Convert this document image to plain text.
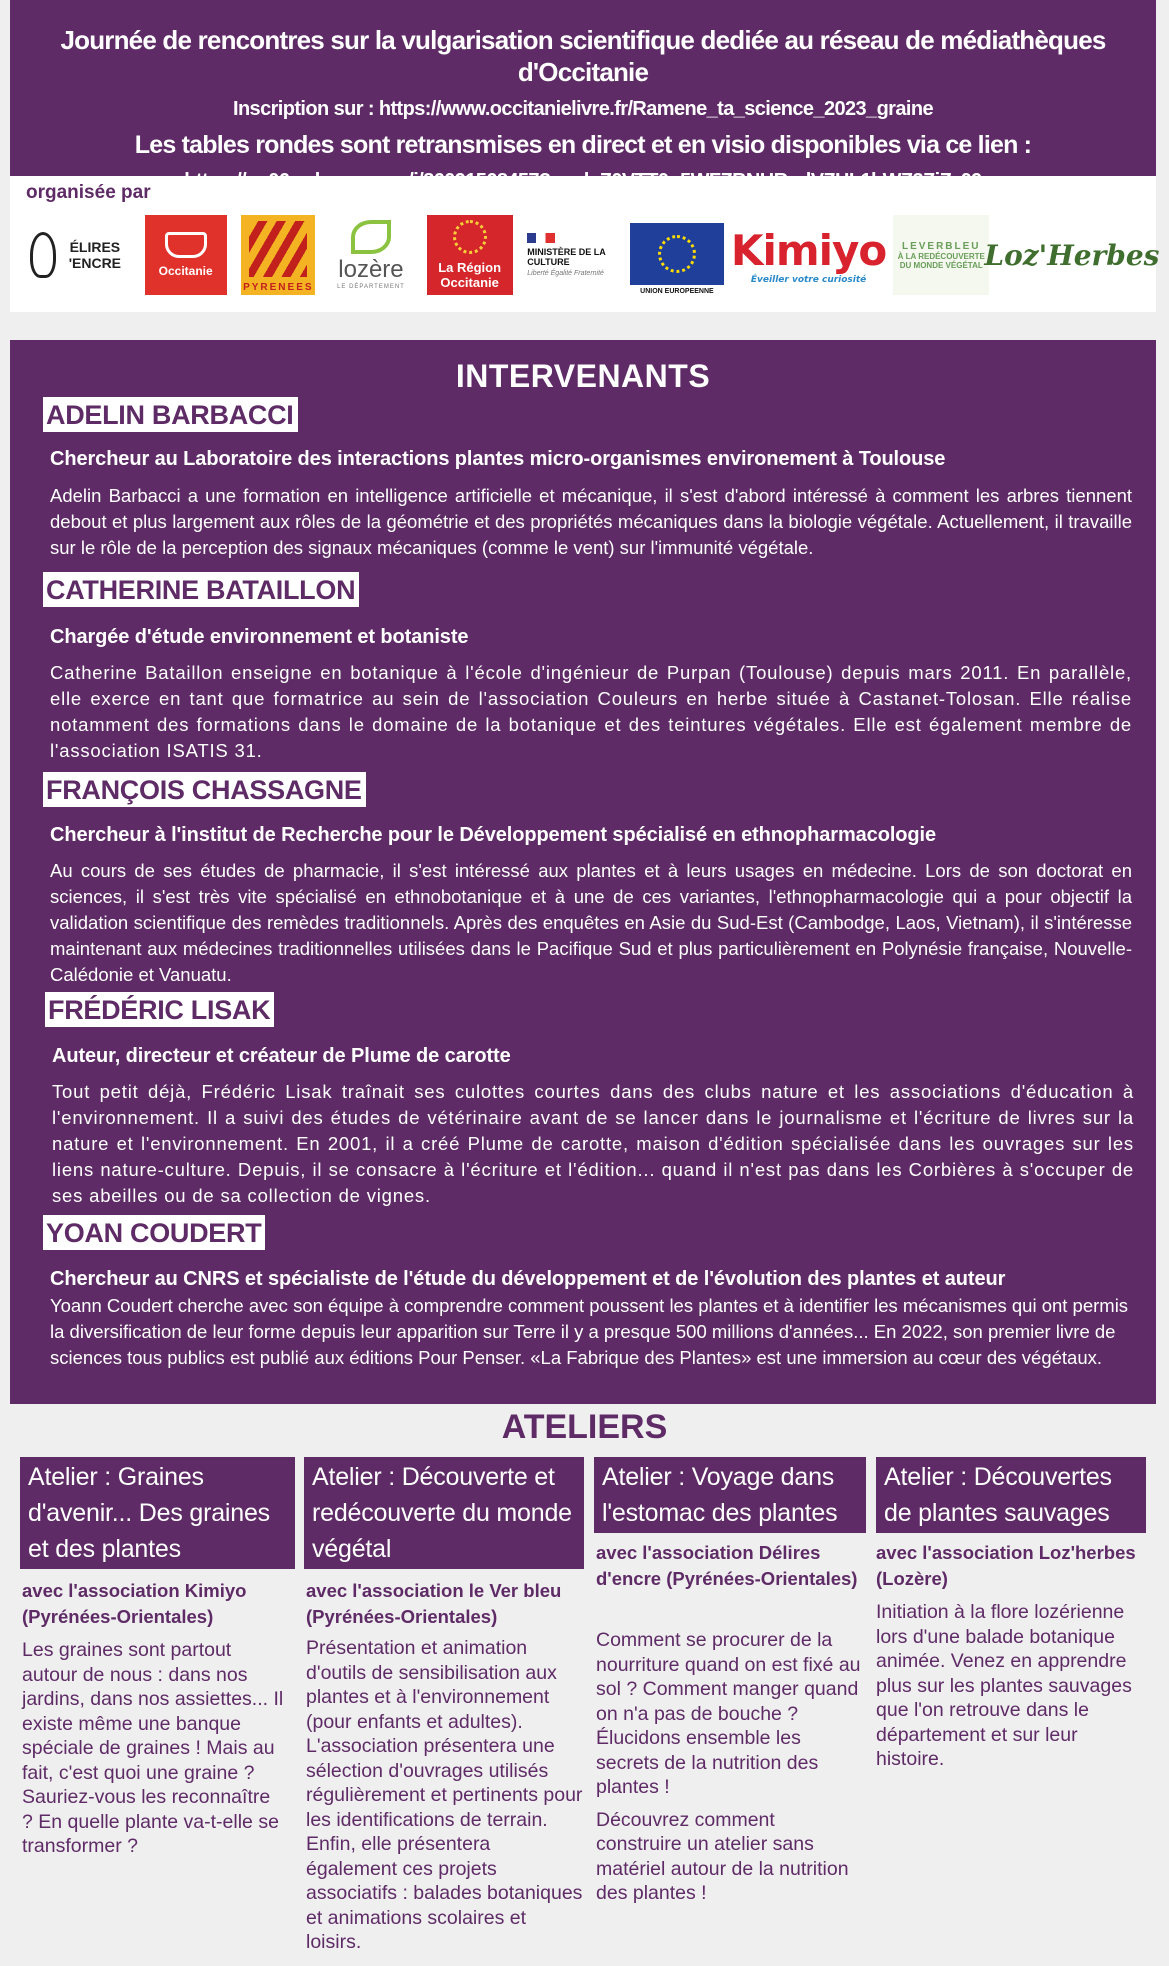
Journée de rencontres sur la vulgarisation scientifique dediée au réseau de médiathèques d'Occitanie
Inscription sur : https://www.occitanielivre.fr/Ramene_ta_science_2023_graine
Les tables rondes sont retransmises en direct et en visio disponibles via ce lien :
organisée par
ÉLIRES 'ENCRE	Occitanie
PYRENEES
lozère
LE DÉPARTEMENT
La Région Occitanie
MINISTÈRE DE LA CULTURE
Liberté Égalité Fraternité
UNION EUROPEENNE
Kimiyo
Éveiller votre curiosité
LEVERBLEU
À LA REDÉCOUVERTE DU MONDE VÉGÉTAL Loz'Herbes
INTERVENANTS
ADELIN BARBACCI
Chercheur au Laboratoire des interactions plantes micro-organismes environement à Toulouse
Adelin Barbacci a une formation en intelligence artificielle et mécanique, il s'est d'abord intéressé à comment les arbres tiennent debout et plus largement aux rôles de la géométrie et des propriétés mécaniques dans la biologie végétale. Actuellement, il travaille sur le rôle de la perception des signaux mécaniques (comme le vent) sur l'immunité végétale.
CATHERINE BATAILLON
Chargée d'étude environnement et botaniste
Catherine Bataillon enseigne en botanique à l'école d'ingénieur de Purpan (Toulouse) depuis mars 2011. En parallèle, elle exerce en tant que formatrice au sein de l'association Couleurs en herbe située à Castanet-Tolosan. Elle réalise notamment des formations dans le domaine de la botanique et des teintures végétales. Elle est également membre de l'association ISATIS 31.
FRANÇOIS CHASSAGNE
Chercheur à l'institut de Recherche pour le Développement spécialisé en ethnopharmacologie
Au cours de ses études de pharmacie, il s'est intéressé aux plantes et à leurs usages en médecine. Lors de son doctorat en sciences, il s'est très vite spécialisé en ethnobotanique et à une de ces variantes, l'ethnopharmacologie qui a pour objectif la validation scientifique des remèdes traditionnels. Après des enquêtes en Asie du Sud-Est (Cambodge, Laos, Vietnam), il s'intéresse maintenant aux médecines traditionnelles utilisées dans le Pacifique Sud et plus particulièrement en Polynésie française, Nouvelle-Calédonie et Vanuatu.
FRÉDÉRIC LISAK
Auteur, directeur et créateur de Plume de carotte
Tout petit déjà, Frédéric Lisak traînait ses culottes courtes dans des clubs nature et les associations d'éducation à l'environnement. Il a suivi des études de vétérinaire avant de se lancer dans le journalisme et l'écriture de livres sur la nature et l'environnement. En 2001, il a créé Plume de carotte, maison d'édition spécialisée dans les ouvrages sur les liens nature-culture. Depuis, il se consacre à l'écriture et l'édition... quand il n'est pas dans les Corbières à s'occuper de ses abeilles ou de sa collection de vignes.
YOAN COUDERT
Chercheur au CNRS et spécialiste de l'étude du développement et de l'évolution des plantes et auteur
Yoann Coudert cherche avec son équipe à comprendre comment poussent les plantes et à identifier les mécanismes qui ont permis la diversification de leur forme depuis leur apparition sur Terre il y a presque 500 millions d'années... En 2022, son premier livre de sciences tous publics est publié aux éditions Pour Penser. «La Fabrique des Plantes» est une immersion au cœur des végétaux.
ATELIERS
Atelier : Graines d'avenir... Des graines et des plantes
avec l'association Kimiyo (Pyrénées-Orientales)

Les graines sont partout autour de nous : dans nos jardins, dans nos assiettes... Il existe même une banque spéciale de graines ! Mais au fait, c'est quoi une graine ? Sauriez-vous les reconnaître ? En quelle plante va-t-elle se transformer ?

Atelier : Découverte et redécouverte du monde végétal
avec l'association le Ver bleu (Pyrénées-Orientales)

Présentation et animation d'outils de sensibilisation aux plantes et à l'environnement (pour enfants et adultes). L'association présentera une sélection d'ouvrages utilisés régulièrement et pertinents pour les identifications de terrain. Enfin, elle présentera également ces projets associatifs : balades botaniques et animations scolaires et loisirs.

Atelier : Voyage dans l'estomac des plantes
avec l'association Délires d'encre (Pyrénées-Orientales)

Comment se procurer de la nourriture quand on est fixé au sol ? Comment manger quand on n'a pas de bouche ? Élucidons ensemble les secrets de la nutrition des plantes !

Découvrez comment construire un atelier sans matériel autour de la nutrition des plantes !

Atelier : Découvertes de plantes sauvages
avec l'association Loz'herbes (Lozère)

Initiation à la flore lozérienne lors d'une balade botanique animée. Venez en apprendre plus sur les plantes sauvages que l'on retrouve dans le département et sur leur histoire.
